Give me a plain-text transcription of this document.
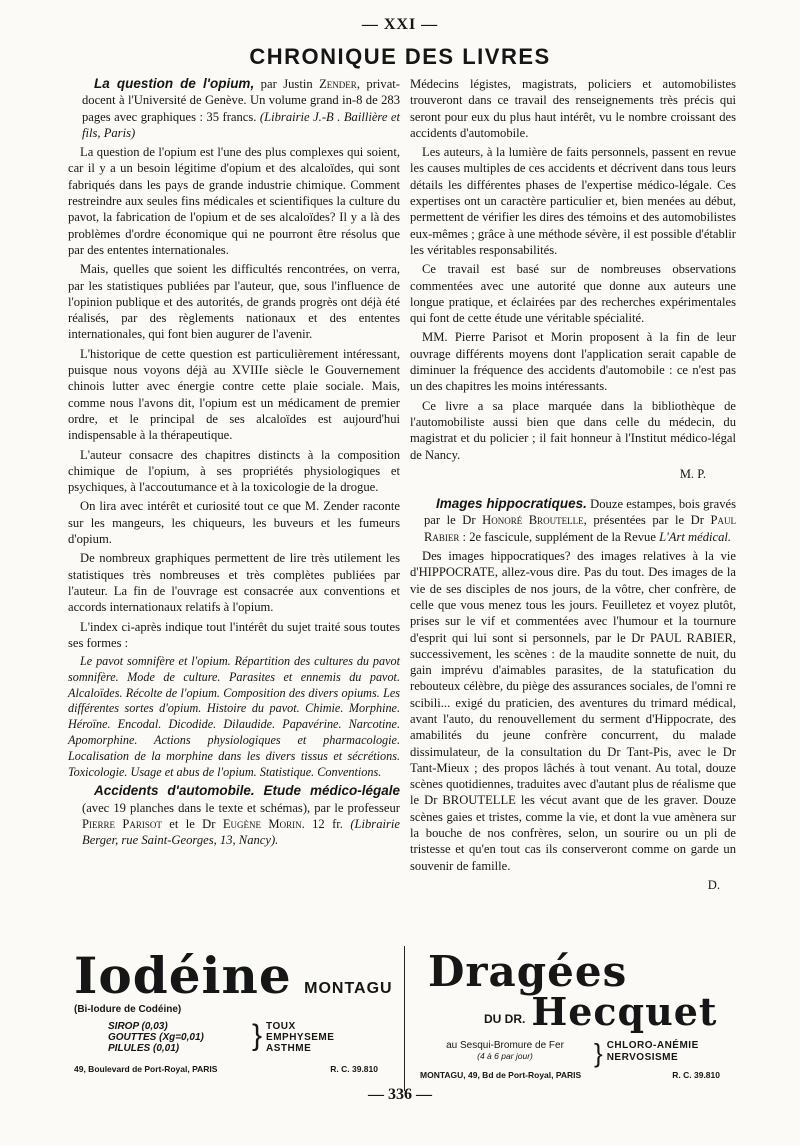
— XXI —
CHRONIQUE DES LIVRES

La question de l'opium, par Justin Zender, privat-docent à l'Université de Genève. Un volume grand in-8 de 283 pages avec graphiques : 35 francs. (Librairie J.-B . Baillière et fils, Paris)

La question de l'opium est l'une des plus complexes qui soient, car il y a un besoin légitime d'opium et des alcaloïdes, qui sont fabriqués dans les pays de grande industrie chimique. Comment restreindre aux seules fins médicales et scientifiques la culture du pavot, la fabrication de l'opium et de ses alcaloïdes? Il y a là des problèmes d'ordre économique qui ne pourront être résolus que par des ententes internationales.

Mais, quelles que soient les difficultés rencontrées, on verra, par les statistiques publiées par l'auteur, que, sous l'influence de l'opinion publique et des autorités, de grands progrès ont déjà été réalisés, par des règlements nationaux et des ententes internationales, qui font bien augurer de l'avenir.

L'historique de cette question est particulièrement intéressant, puisque nous voyons déjà au XVIIIe siècle le Gouvernement chinois lutter avec énergie contre cette plaie sociale. Mais, comme nous l'avons dit, l'opium est un médicament de premier ordre, et le principal de ses alcaloïdes est aujourd'hui indispensable à la thérapeutique.

L'auteur consacre des chapitres distincts à la composition chimique de l'opium, à ses propriétés physiologiques et psychiques, à l'accoutumance et à la toxicologie de la drogue.

On lira avec intérêt et curiosité tout ce que M. Zender raconte sur les mangeurs, les chiqueurs, les buveurs et les fumeurs d'opium.

De nombreux graphiques permettent de lire très utilement les statistiques très nombreuses et très complètes publiées par l'auteur. La fin de l'ouvrage est consacrée aux conventions et accords internationaux relatifs à l'opium.

L'index ci-après indique tout l'intérêt du sujet traité sous toutes ses formes :

Le pavot somnifère et l'opium. Répartition des cultures du pavot somnifère. Mode de culture. Parasites et ennemis du pavot. Alcaloïdes. Récolte de l'opium. Composition des divers opiums. Les différentes sortes d'opium. Histoire du pavot. Chimie. Morphine. Héroïne. Encodal. Dicodide. Dilaudide. Papavérine. Narcotine. Apomorphine. Actions physiologiques et pharmacologie. Localisation de la morphine dans les divers tissus et sécrétions. Toxicologie. Usage et abus de l'opium. Statistique. Conventions.

Accidents d'automobile. Etude médico-légale (avec 19 planches dans le texte et schémas), par le professeur Pierre Parisot et le Dr Eugène Morin. 12 fr. (Librairie Berger, rue Saint-Georges, 13, Nancy).

Médecins légistes, magistrats, policiers et automobilistes trouveront dans ce travail des renseignements très précis qui seront pour eux du plus haut intérêt, vu le nombre croissant des accidents d'automobile.

Les auteurs, à la lumière de faits personnels, passent en revue les causes multiples de ces accidents et décrivent dans tous leurs détails les différentes phases de l'expertise médico-légale. Ces expertises ont un caractère particulier et, bien menées au début, permettent de vérifier les dires des témoins et des automobilistes eux-mêmes ; grâce à une méthode sévère, il est possible d'établir les véritables responsabilités.

Ce travail est basé sur de nombreuses observations commentées avec une autorité que donne aux auteurs une longue pratique, et éclairées par des recherches expérimentales qui font de cette étude une véritable spécialité.

MM. Pierre Parisot et Morin proposent à la fin de leur ouvrage différents moyens dont l'application serait capable de diminuer la fréquence des accidents d'automobile : ce n'est pas un des chapitres les moins intéressants.

Ce livre a sa place marquée dans la bibliothèque de l'automobiliste aussi bien que dans celle du médecin, du magistrat et du policier ; il fait honneur à l'Institut médico-légal de Nancy.

M. P.

Images hippocratiques. Douze estampes, bois gravés par le Dr Honoré Broutelle, présentées par le Dr Paul Rabier : 2e fascicule, supplément de la Revue L'Art médical.

Des images hippocratiques? des images relatives à la vie d'HIPPOCRATE, allez-vous dire. Pas du tout. Des images de la vie de ses disciples de nos jours, de la vôtre, cher confrère, de celle que vous menez tous les jours. Feuilletez et voyez plutôt, prises sur le vif et commentées avec l'humour et la tournure d'esprit qui lui sont si personnels, par le Dr PAUL RABIER, successivement, les scènes : de la maudite sonnette de nuit, du gain imprévu d'aimables parasites, de la statufication du rebouteux célèbre, du piège des assurances sociales, de l'omni re scibili... exigé du praticien, des aventures du trimard médical, avant l'auto, du renouvellement du serment d'Hippocrate, des amabilités du jeune confrère concurrent, du malade dissimulateur, de la consultation du Dr Tant-Pis, avec le Dr Tant-Mieux ; des propos lâchés à tout venant. Au total, douze scènes quotidiennes, traduites avec d'autant plus de réalisme que le Dr BROUTELLE les vécut avant que de les graver. Douze scènes gaies et tristes, comme la vie, et dont la vue amènera sur la bouche de nos confrères, selon, un sourire ou un pli de tristesse et qu'en tout cas ils conserveront comme on garde un souvenir de famille.

D.

Iodéine MONTAGU
(Bi-Iodure de Codéine)
SIROP (0,03)
GOUTTES (Xg=0,01)
PILULES (0,01)	} TOUX
EMPHYSEME
ASTHME
49, Boulevard de Port-Royal, PARIS	R. C. 39.810
Dragées
DU DR. Hecquet
au Sesqui-Bromure de Fer
(4 à 6 par jour)	} CHLORO-ANÉMIE
NERVOSISME
MONTAGU, 49, Bd de Port-Royal, PARIS	R. C. 39.810
— 336 —
